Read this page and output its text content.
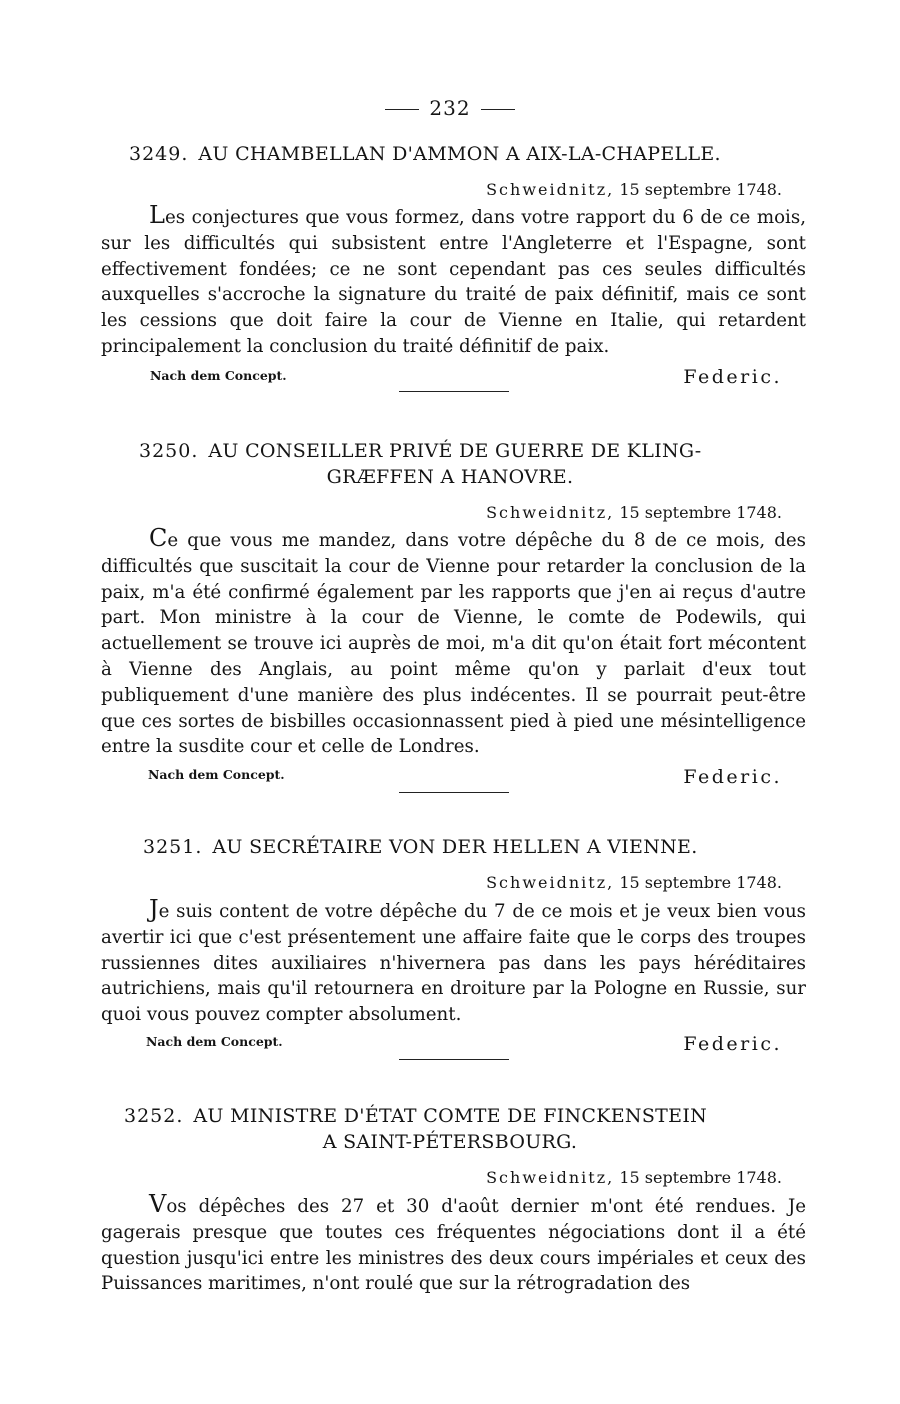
232
3249. AU CHAMBELLAN D'AMMON A AIX-LA-CHAPELLE.
Schweidnitz, 15 septembre 1748.

Les conjectures que vous formez, dans votre rapport du 6 de ce mois, sur les difficultés qui subsistent entre l'Angleterre et l'Espagne, sont effectivement fondées; ce ne sont cependant pas ces seules difficultés auxquelles s'accroche la signature du traité de paix définitif, mais ce sont les cessions que doit faire la cour de Vienne en Italie, qui retardent principalement la conclusion du traité définitif de paix.

Nach dem Concept.	Federic.
3250. AU CONSEILLER PRIVÉ DE GUERRE DE KLING-
GRÆFFEN A HANOVRE.
Schweidnitz, 15 septembre 1748.

Ce que vous me mandez, dans votre dépêche du 8 de ce mois, des difficultés que suscitait la cour de Vienne pour retarder la conclusion de la paix, m'a été confirmé également par les rapports que j'en ai reçus d'autre part. Mon ministre à la cour de Vienne, le comte de Podewils, qui actuellement se trouve ici auprès de moi, m'a dit qu'on était fort mécontent à Vienne des Anglais, au point même qu'on y parlait d'eux tout publiquement d'une manière des plus indécentes. Il se pourrait peut-être que ces sortes de bisbilles occasionnassent pied à pied une mésintelligence entre la susdite cour et celle de Londres.

Nach dem Concept.	Federic.
3251. AU SECRÉTAIRE VON DER HELLEN A VIENNE.
Schweidnitz, 15 septembre 1748.

Je suis content de votre dépêche du 7 de ce mois et je veux bien vous avertir ici que c'est présentement une affaire faite que le corps des troupes russiennes dites auxiliaires n'hivernera pas dans les pays héréditaires autrichiens, mais qu'il retournera en droiture par la Pologne en Russie, sur quoi vous pouvez compter absolument.

Nach dem Concept.	Federic.
3252. AU MINISTRE D'ÉTAT COMTE DE FINCKENSTEIN
A SAINT-PÉTERSBOURG.
Schweidnitz, 15 septembre 1748.

Vos dépêches des 27 et 30 d'août dernier m'ont été rendues. Je gagerais presque que toutes ces fréquentes négociations dont il a été question jusqu'ici entre les ministres des deux cours impériales et ceux des Puissances maritimes, n'ont roulé que sur la rétrogradation des
